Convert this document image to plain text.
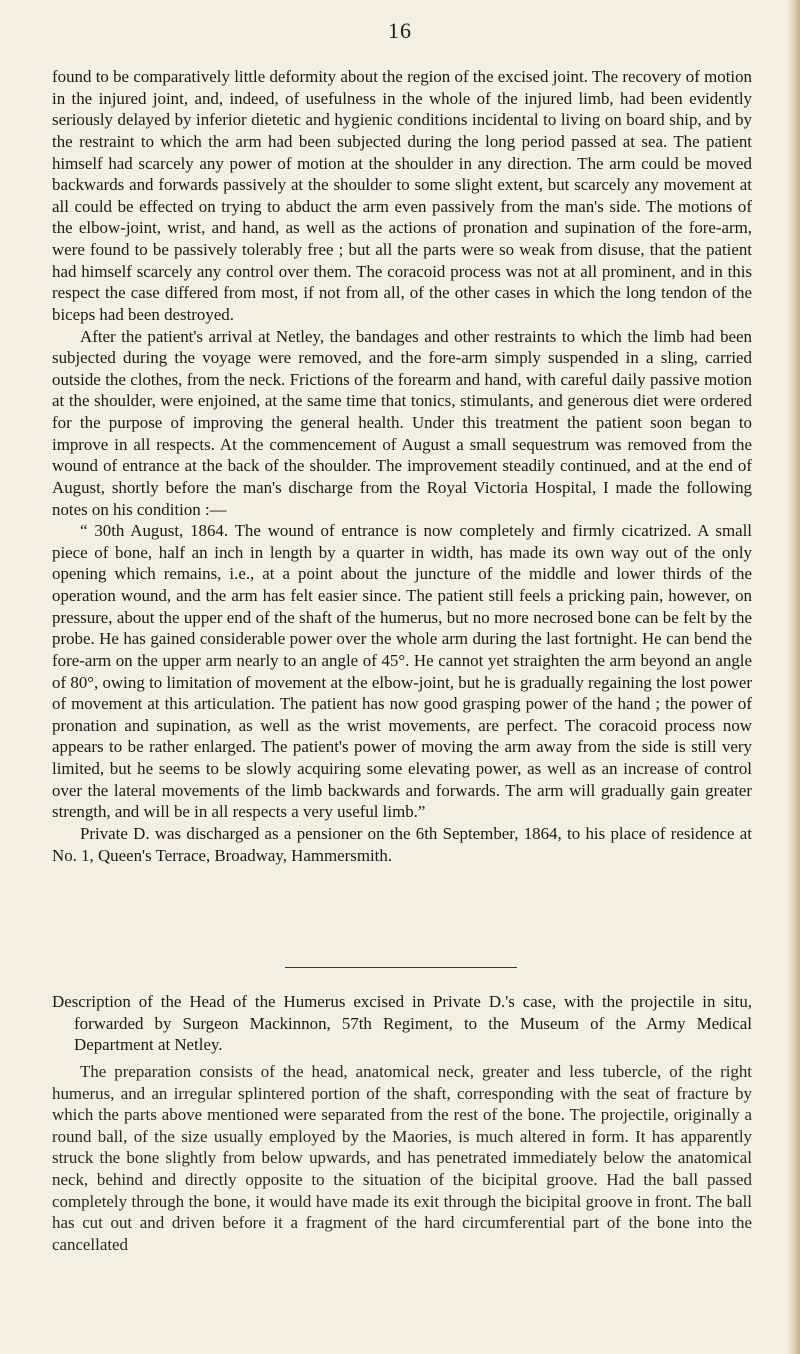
16

found to be comparatively little deformity about the region of the excised joint. The recovery of motion in the injured joint, and, indeed, of usefulness in the whole of the injured limb, had been evidently seriously delayed by inferior dietetic and hygienic conditions incidental to living on board ship, and by the restraint to which the arm had been subjected during the long period passed at sea. The patient himself had scarcely any power of motion at the shoulder in any direction. The arm could be moved backwards and forwards passively at the shoulder to some slight extent, but scarcely any movement at all could be effected on trying to abduct the arm even passively from the man's side. The motions of the elbow-joint, wrist, and hand, as well as the actions of pronation and supination of the fore-arm, were found to be passively tolerably free ; but all the parts were so weak from disuse, that the patient had himself scarcely any control over them. The coracoid process was not at all prominent, and in this respect the case differed from most, if not from all, of the other cases in which the long tendon of the biceps had been destroyed.

After the patient's arrival at Netley, the bandages and other restraints to which the limb had been subjected during the voyage were removed, and the fore-arm simply suspended in a sling, carried outside the clothes, from the neck. Frictions of the forearm and hand, with careful daily passive motion at the shoulder, were enjoined, at the same time that tonics, stimulants, and generous diet were ordered for the purpose of improving the general health. Under this treatment the patient soon began to improve in all respects. At the commencement of August a small sequestrum was removed from the wound of entrance at the back of the shoulder. The improvement steadily continued, and at the end of August, shortly before the man's discharge from the Royal Victoria Hospital, I made the following notes on his condition :—

“ 30th August, 1864. The wound of entrance is now completely and firmly cicatrized. A small piece of bone, half an inch in length by a quarter in width, has made its own way out of the only opening which remains, i.e., at a point about the juncture of the middle and lower thirds of the operation wound, and the arm has felt easier since. The patient still feels a pricking pain, however, on pressure, about the upper end of the shaft of the humerus, but no more necrosed bone can be felt by the probe. He has gained considerable power over the whole arm during the last fortnight. He can bend the fore-arm on the upper arm nearly to an angle of 45°. He cannot yet straighten the arm beyond an angle of 80°, owing to limitation of movement at the elbow-joint, but he is gradually regaining the lost power of movement at this articulation. The patient has now good grasping power of the hand ; the power of pronation and supination, as well as the wrist movements, are perfect. The coracoid process now appears to be rather enlarged. The patient's power of moving the arm away from the side is still very limited, but he seems to be slowly acquiring some elevating power, as well as an increase of control over the lateral movements of the limb backwards and forwards. The arm will gradually gain greater strength, and will be in all respects a very useful limb.”

Private D. was discharged as a pensioner on the 6th September, 1864, to his place of residence at No. 1, Queen's Terrace, Broadway, Hammersmith.

Description of the Head of the Humerus excised in Private D.'s case, with the projectile in situ, forwarded by Surgeon Mackinnon, 57th Regiment, to the Museum of the Army Medical Department at Netley.

The preparation consists of the head, anatomical neck, greater and less tubercle, of the right humerus, and an irregular splintered portion of the shaft, corresponding with the seat of fracture by which the parts above mentioned were separated from the rest of the bone. The projectile, originally a round ball, of the size usually employed by the Maories, is much altered in form. It has apparently struck the bone slightly from below upwards, and has penetrated immediately below the anatomical neck, behind and directly opposite to the situation of the bicipital groove. Had the ball passed completely through the bone, it would have made its exit through the bicipital groove in front. The ball has cut out and driven before it a fragment of the hard circumferential part of the bone into the cancellated
